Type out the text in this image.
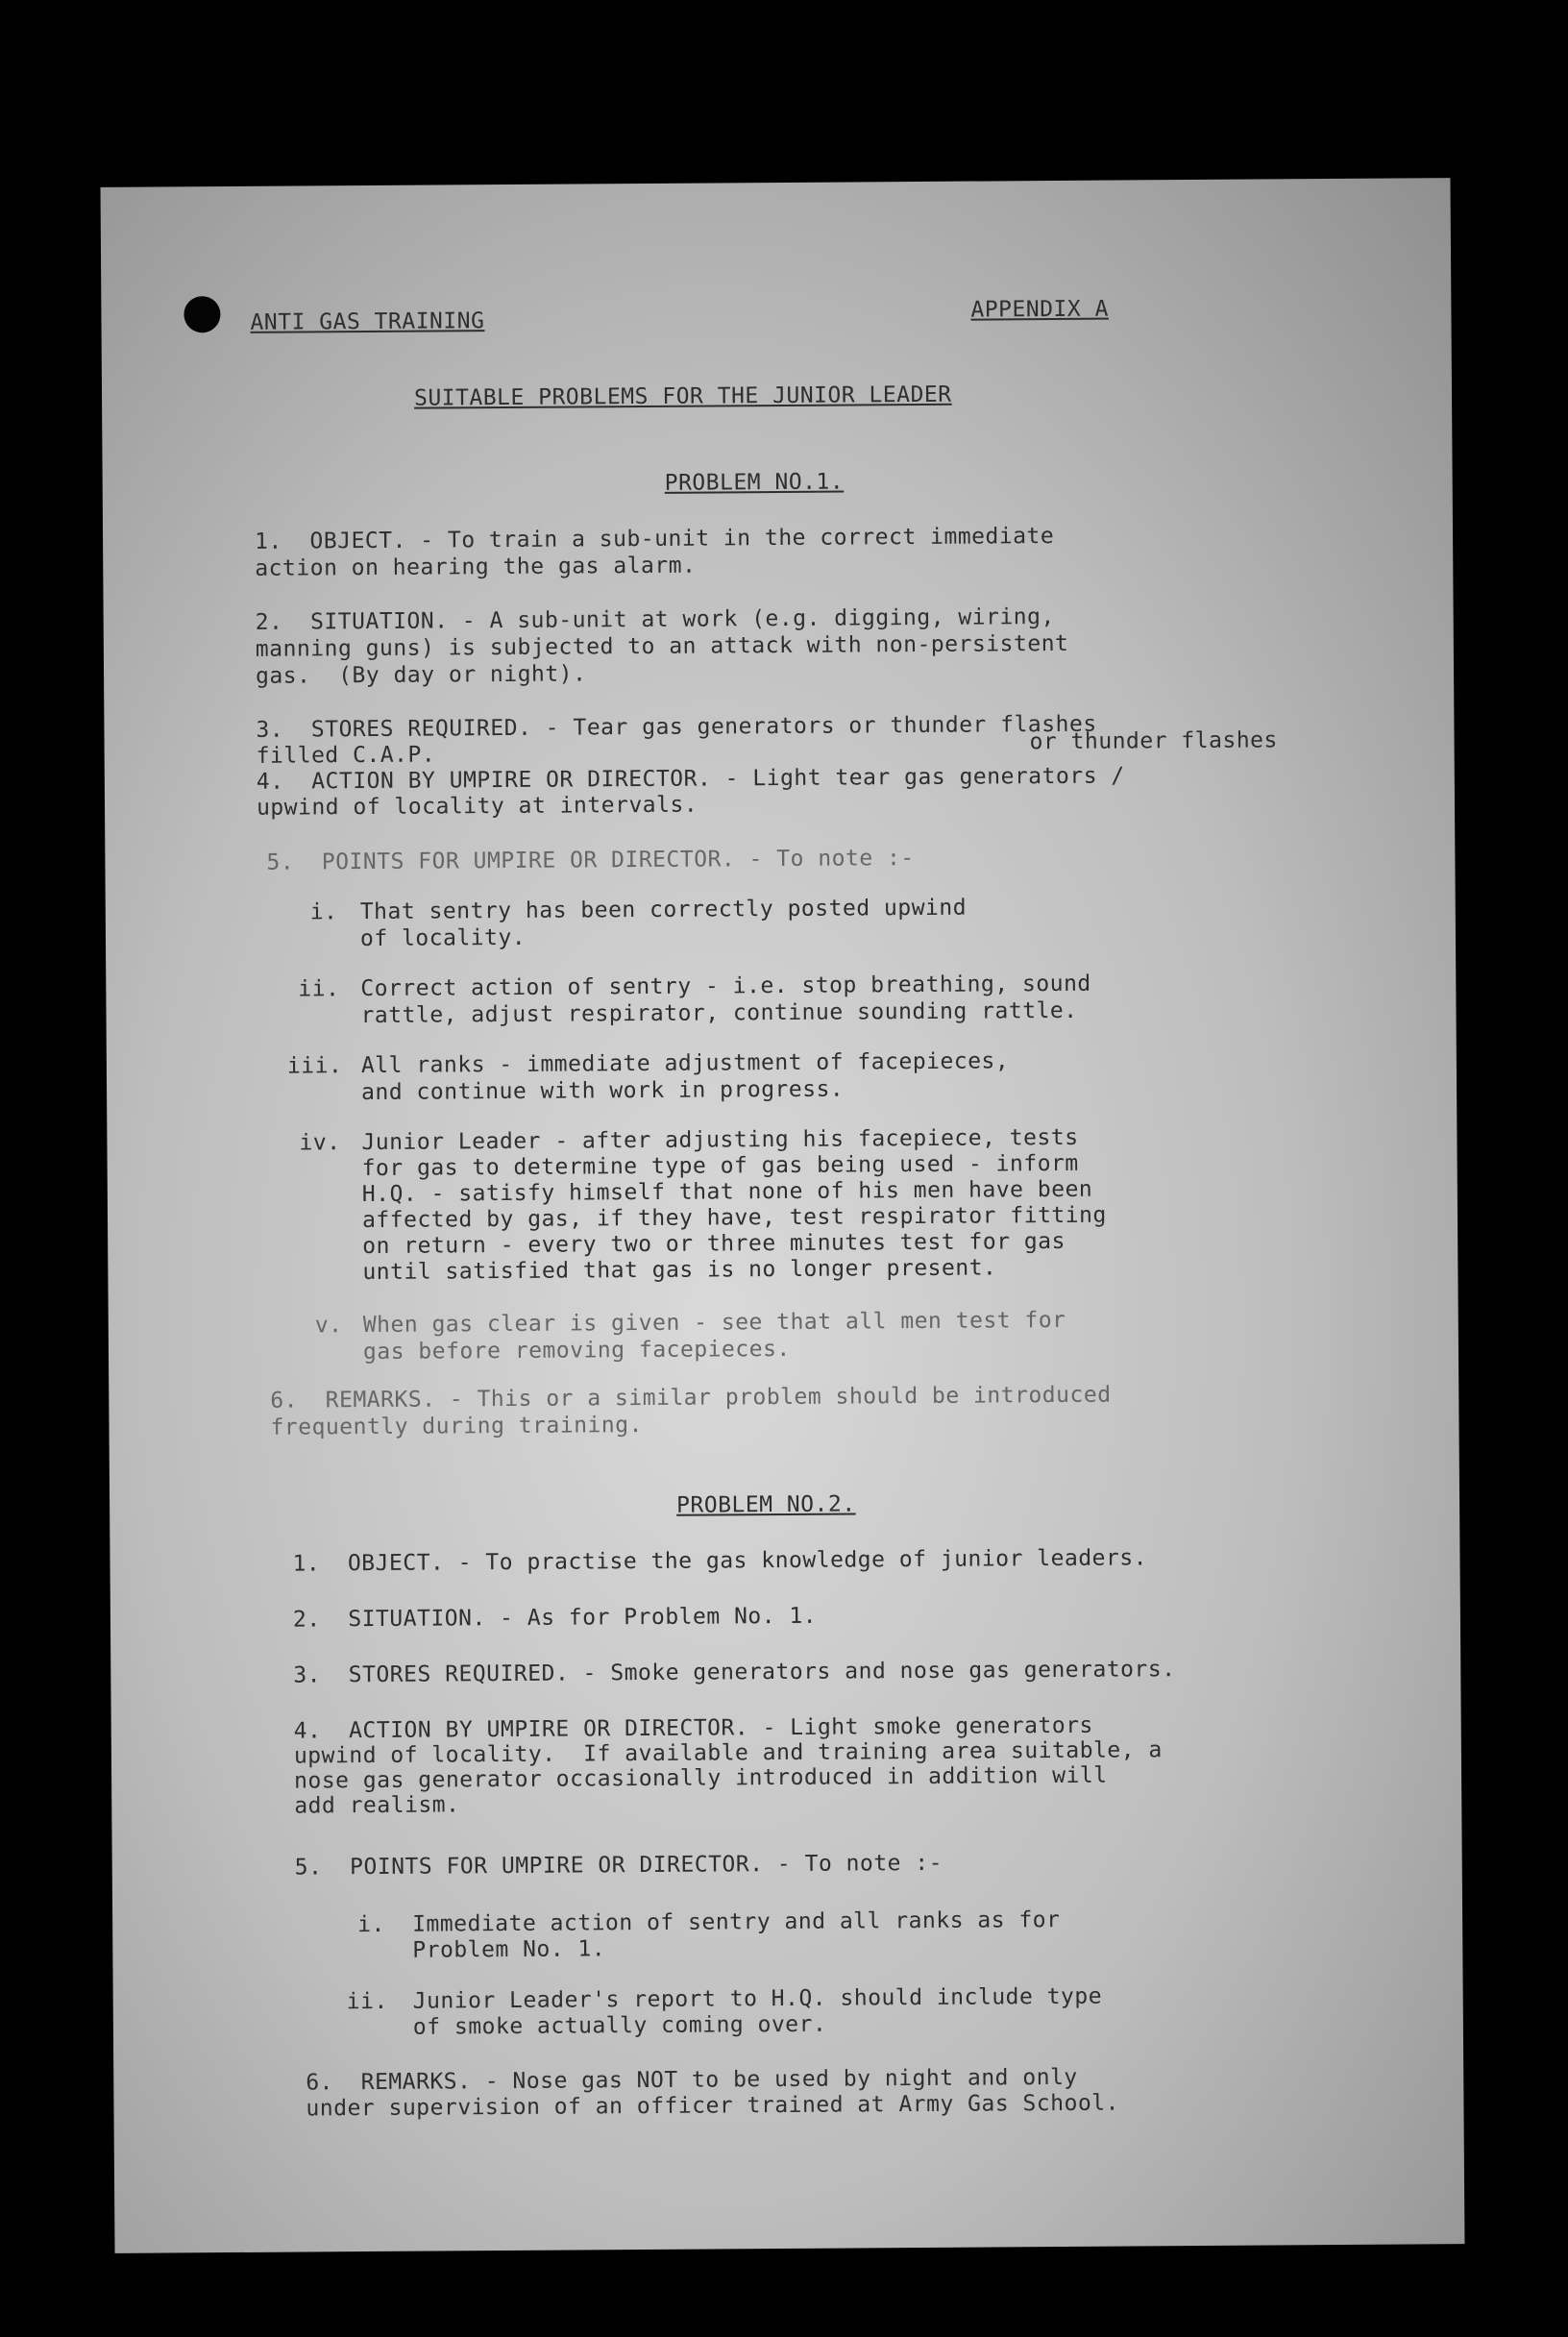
ANTI GAS TRAINING	APPENDIX A
SUITABLE PROBLEMS FOR THE JUNIOR LEADER
PROBLEM NO.1.
1.  OBJECT. - To train a sub-unit in the correct immediate
action on hearing the gas alarm.
2.  SITUATION. - A sub-unit at work (e.g. digging, wiring,
manning guns) is subjected to an attack with non-persistent
gas.  (By day or night).
3.  STORES REQUIRED. - Tear gas generators or thunder flashes
filled C.A.P.
or thunder flashes
4.  ACTION BY UMPIRE OR DIRECTOR. - Light tear gas generators /
upwind of locality at intervals.
5.  POINTS FOR UMPIRE OR DIRECTOR. - To note :-
i. That sentry has been correctly posted upwind
of locality.
ii. Correct action of sentry - i.e. stop breathing, sound
rattle, adjust respirator, continue sounding rattle.
iii. All ranks - immediate adjustment of facepieces,
and continue with work in progress.
iv. Junior Leader - after adjusting his facepiece, tests
for gas to determine type of gas being used - inform
H.Q. - satisfy himself that none of his men have been
affected by gas, if they have, test respirator fitting
on return - every two or three minutes test for gas
until satisfied that gas is no longer present.
v. When gas clear is given - see that all men test for
gas before removing facepieces.
6.  REMARKS. - This or a similar problem should be introduced
frequently during training.
PROBLEM NO.2.
1.  OBJECT. - To practise the gas knowledge of junior leaders.
2.  SITUATION. - As for Problem No. 1.
3.  STORES REQUIRED. - Smoke generators and nose gas generators.
4.  ACTION BY UMPIRE OR DIRECTOR. - Light smoke generators
upwind of locality.  If available and training area suitable, a
nose gas generator occasionally introduced in addition will
add realism.
5.  POINTS FOR UMPIRE OR DIRECTOR. - To note :-
i. Immediate action of sentry and all ranks as for
Problem No. 1.
ii. Junior Leader's report to H.Q. should include type
of smoke actually coming over.
6.  REMARKS. - Nose gas NOT to be used by night and only
under supervision of an officer trained at Army Gas School.
